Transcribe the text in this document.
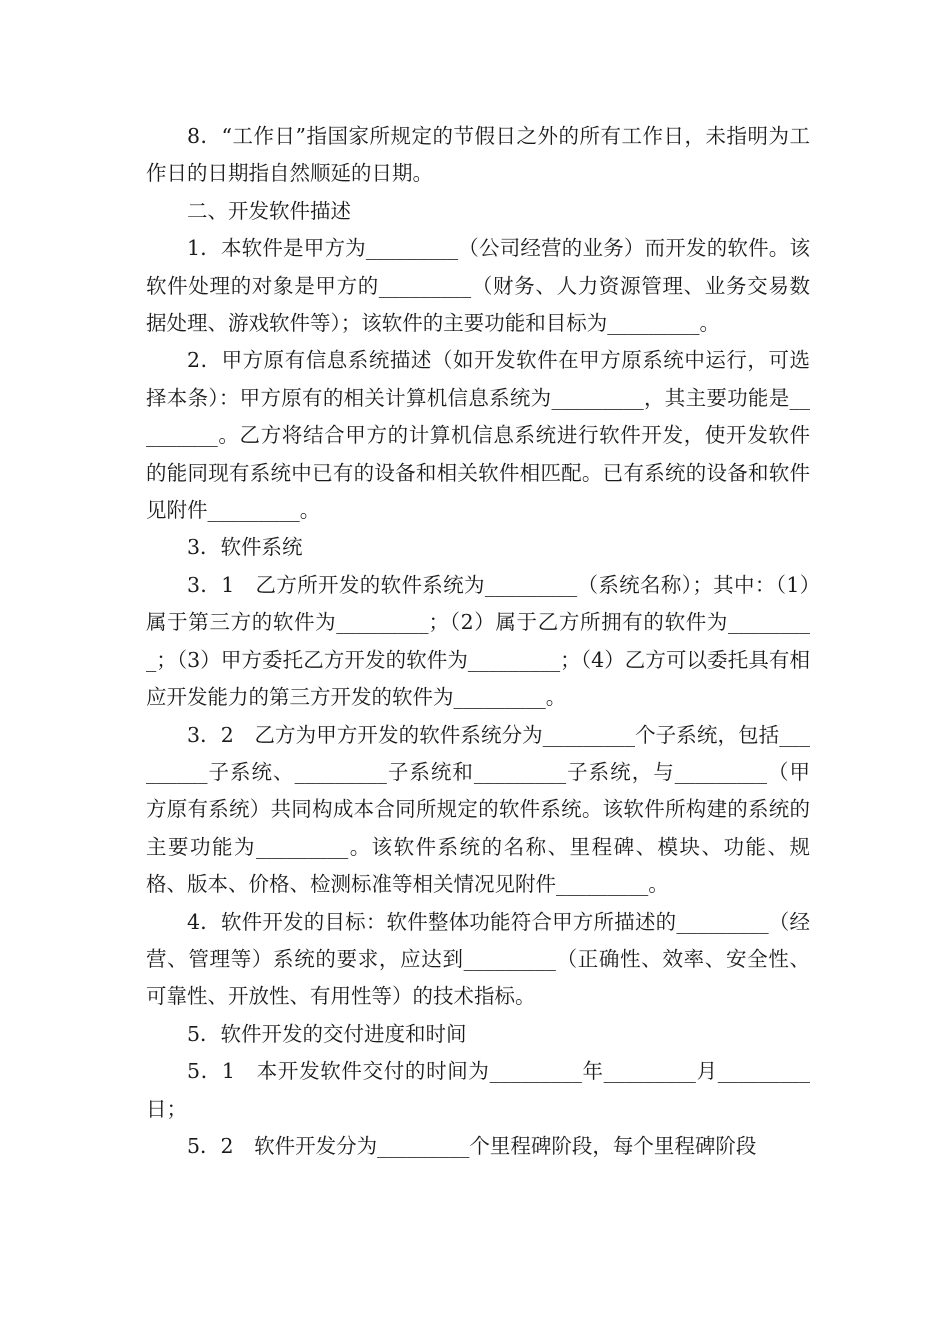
8．“工作日”指国家所规定的节假日之外的所有工作日，未指明为工作日的日期指自然顺延的日期。

二、开发软件描述

1．本软件是甲方为_________（公司经营的业务）而开发的软件。该软件处理的对象是甲方的_________（财务、人力资源管理、业务交易数据处理、游戏软件等）；该软件的主要功能和目标为_________。

2．甲方原有信息系统描述（如开发软件在甲方原系统中运行，可选择本条）：甲方原有的相关计算机信息系统为_________，其主要功能是_________。乙方将结合甲方的计算机信息系统进行软件开发，使开发软件的能同现有系统中已有的设备和相关软件相匹配。已有系统的设备和软件见附件_________。

3．软件系统

3．1　乙方所开发的软件系统为_________（系统名称）；其中：（1）属于第三方的软件为_________；（2）属于乙方所拥有的软件为_________；（3）甲方委托乙方开发的软件为_________；（4）乙方可以委托具有相应开发能力的第三方开发的软件为_________。

3．2　乙方为甲方开发的软件系统分为_________个子系统，包括_________子系统、_________子系统和_________子系统，与_________（甲方原有系统）共同构成本合同所规定的软件系统。该软件所构建的系统的主要功能为_________。该软件系统的名称、里程碑、模块、功能、规格、版本、价格、检测标准等相关情况见附件_________。

4．软件开发的目标：软件整体功能符合甲方所描述的_________（经营、管理等）系统的要求，应达到_________（正确性、效率、安全性、可靠性、开放性、有用性等）的技术指标。

5．软件开发的交付进度和时间

5．1　本开发软件交付的时间为_________年_________月_________日；

5．2　软件开发分为_________个里程碑阶段，每个里程碑阶段
